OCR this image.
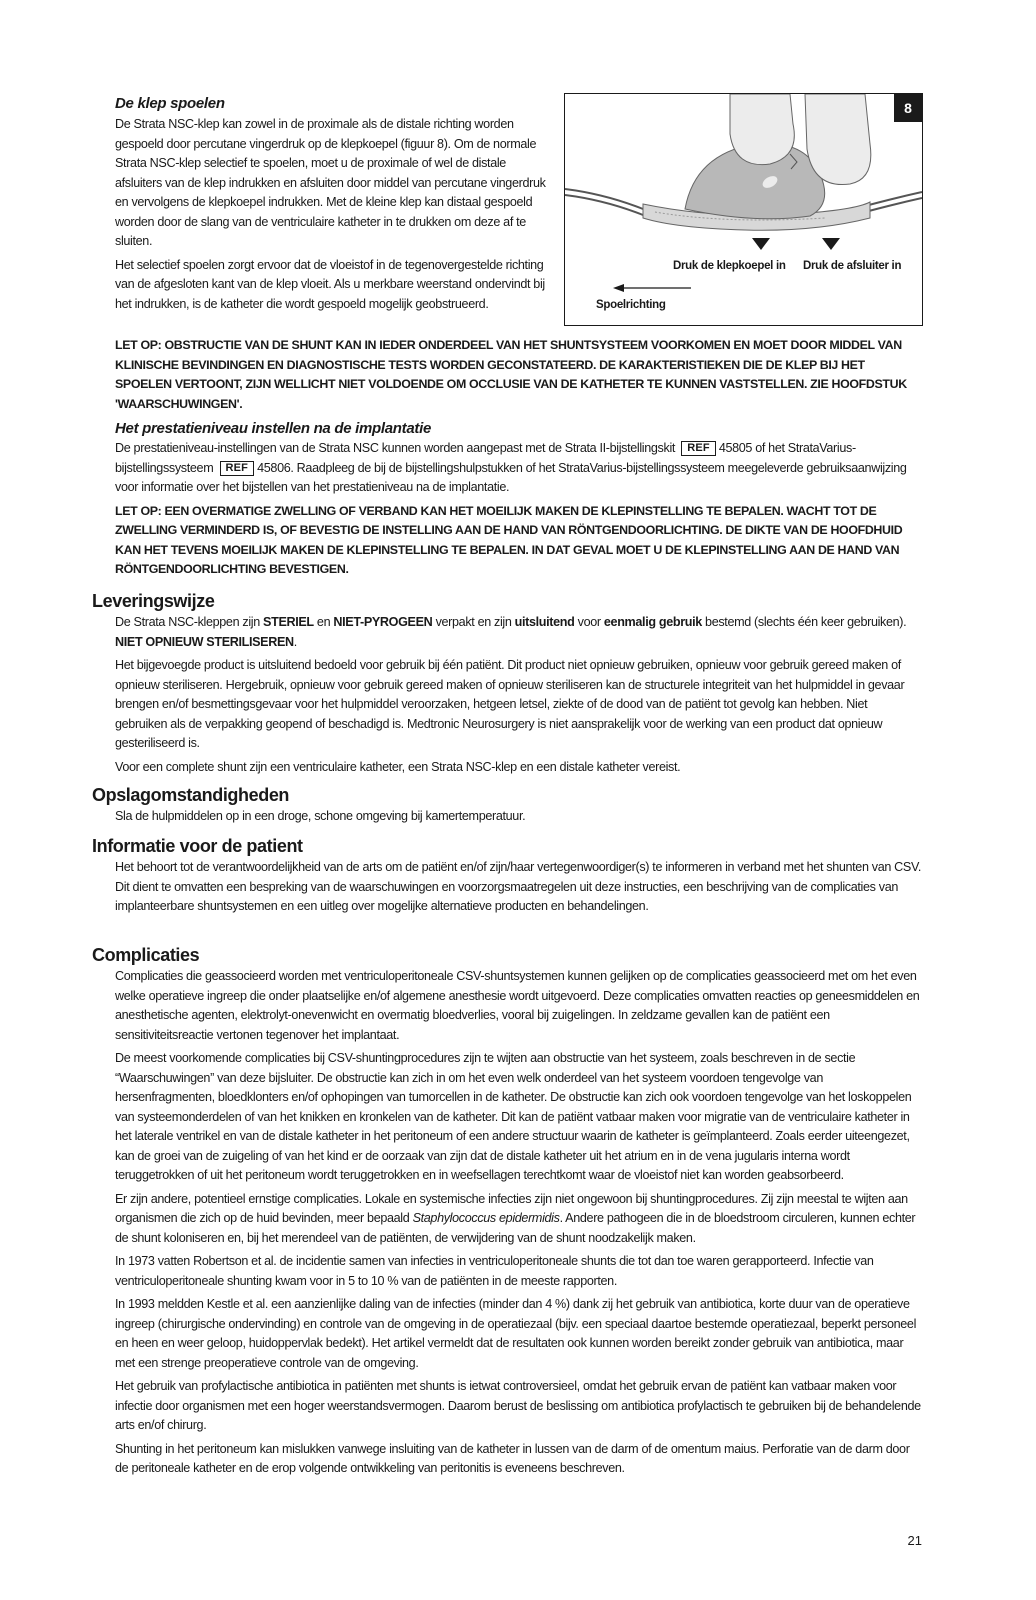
De klep spoelen

De Strata NSC-klep kan zowel in de proximale als de distale richting worden gespoeld door percutane vingerdruk op de klepkoepel (figuur 8). Om de normale Strata NSC-klep selectief te spoelen, moet u de proximale of wel de distale afsluiters van de klep indrukken en afsluiten door middel van percutane vingerdruk en vervolgens de klepkoepel indrukken. Met de kleine klep kan distaal gespoeld worden door de slang van de ventriculaire katheter in te drukken om deze af te sluiten.

Het selectief spoelen zorgt ervoor dat de vloeistof in de tegenovergestelde richting van de afgesloten kant van de klep vloeit. Als u merkbare weerstand ondervindt bij het indrukken, is de katheter die wordt gespoeld mogelijk geobstrueerd.

8
Druk de klepkoepel in Druk de afsluiter in
Spoelrichting

LET OP: OBSTRUCTIE VAN DE SHUNT KAN IN IEDER ONDERDEEL VAN HET SHUNTSYSTEEM VOORKOMEN EN MOET DOOR MIDDEL VAN KLINISCHE BEVINDINGEN EN DIAGNOSTISCHE TESTS WORDEN GECONSTATEERD. DE KARAKTERISTIEKEN DIE DE KLEP BIJ HET SPOELEN VERTOONT, ZIJN WELLICHT NIET VOLDOENDE OM OCCLUSIE VAN DE KATHETER TE KUNNEN VASTSTELLEN. ZIE HOOFDSTUK 'WAARSCHUWINGEN'.

Het prestatieniveau instellen na de implantatie

De prestatieniveau-instellingen van de Strata NSC kunnen worden aangepast met de Strata II-bijstellingskit REF 45805 of het StrataVarius-bijstellingssysteem REF 45806. Raadpleeg de bij de bijstellingshulpstukken of het StrataVarius-bijstellingssysteem meegeleverde gebruiksaanwijzing voor informatie over het bijstellen van het prestatieniveau na de implantatie.

LET OP: EEN OVERMATIGE ZWELLING OF VERBAND KAN HET MOEILIJK MAKEN DE KLEPINSTELLING TE BEPALEN. WACHT TOT DE ZWELLING VERMINDERD IS, OF BEVESTIG DE INSTELLING AAN DE HAND VAN RÖNTGENDOORLICHTING. DE DIKTE VAN DE HOOFDHUID KAN HET TEVENS MOEILIJK MAKEN DE KLEPINSTELLING TE BEPALEN. IN DAT GEVAL MOET U DE KLEPINSTELLING AAN DE HAND VAN RÖNTGENDOORLICHTING BEVESTIGEN.

Leveringswijze

De Strata NSC-kleppen zijn STERIEL en NIET-PYROGEEN verpakt en zijn uitsluitend voor eenmalig gebruik bestemd (slechts één keer gebruiken). NIET OPNIEUW STERILISEREN.

Het bijgevoegde product is uitsluitend bedoeld voor gebruik bij één patiënt. Dit product niet opnieuw gebruiken, opnieuw voor gebruik gereed maken of opnieuw steriliseren. Hergebruik, opnieuw voor gebruik gereed maken of opnieuw steriliseren kan de structurele integriteit van het hulpmiddel in gevaar brengen en/of besmettingsgevaar voor het hulpmiddel veroorzaken, hetgeen letsel, ziekte of de dood van de patiënt tot gevolg kan hebben. Niet gebruiken als de verpakking geopend of beschadigd is. Medtronic Neurosurgery is niet aansprakelijk voor de werking van een product dat opnieuw gesteriliseerd is.

Voor een complete shunt zijn een ventriculaire katheter, een Strata NSC-klep en een distale katheter vereist.

Opslagomstandigheden

Sla de hulpmiddelen op in een droge, schone omgeving bij kamertemperatuur.

Informatie voor de patient

Het behoort tot de verantwoordelijkheid van de arts om de patiënt en/of zijn/haar vertegenwoordiger(s) te informeren in verband met het shunten van CSV. Dit dient te omvatten een bespreking van de waarschuwingen en voorzorgsmaatregelen uit deze instructies, een beschrijving van de complicaties van implanteerbare shuntsystemen en een uitleg over mogelijke alternatieve producten en behandelingen.

Complicaties

Complicaties die geassocieerd worden met ventriculoperitoneale CSV-shuntsystemen kunnen gelijken op de complicaties geassocieerd met om het even welke operatieve ingreep die onder plaatselijke en/of algemene anesthesie wordt uitgevoerd. Deze complicaties omvatten reacties op geneesmiddelen en anesthetische agenten, elektrolyt-onevenwicht en overmatig bloedverlies, vooral bij zuigelingen. In zeldzame gevallen kan de patiënt een sensitiviteitsreactie vertonen tegenover het implantaat.

De meest voorkomende complicaties bij CSV-shuntingprocedures zijn te wijten aan obstructie van het systeem, zoals beschreven in de sectie “Waarschuwingen” van deze bijsluiter. De obstructie kan zich in om het even welk onderdeel van het systeem voordoen tengevolge van hersenfragmenten, bloedklonters en/of ophopingen van tumorcellen in de katheter. De obstructie kan zich ook voordoen tengevolge van het loskoppelen van systeemonderdelen of van het knikken en kronkelen van de katheter. Dit kan de patiënt vatbaar maken voor migratie van de ventriculaire katheter in het laterale ventrikel en van de distale katheter in het peritoneum of een andere structuur waarin de katheter is geïmplanteerd. Zoals eerder uiteengezet, kan de groei van de zuigeling of van het kind er de oorzaak van zijn dat de distale katheter uit het atrium en in de vena jugularis interna wordt teruggetrokken of uit het peritoneum wordt teruggetrokken en in weefsellagen terechtkomt waar de vloeistof niet kan worden geabsorbeerd.

Er zijn andere, potentieel ernstige complicaties. Lokale en systemische infecties zijn niet ongewoon bij shuntingprocedures. Zij zijn meestal te wijten aan organismen die zich op de huid bevinden, meer bepaald Staphylococcus epidermidis. Andere pathogeen die in de bloedstroom circuleren, kunnen echter de shunt koloniseren en, bij het merendeel van de patiënten, de verwijdering van de shunt noodzakelijk maken.

In 1973 vatten Robertson et al. de incidentie samen van infecties in ventriculoperitoneale shunts die tot dan toe waren gerapporteerd. Infectie van ventriculoperitoneale shunting kwam voor in 5 to 10 % van de patiënten in de meeste rapporten.

In 1993 meldden Kestle et al. een aanzienlijke daling van de infecties (minder dan 4 %) dank zij het gebruik van antibiotica, korte duur van de operatieve ingreep (chirurgische ondervinding) en controle van de omgeving in de operatiezaal (bijv. een speciaal daartoe bestemde operatiezaal, beperkt personeel en heen en weer geloop, huidoppervlak bedekt). Het artikel vermeldt dat de resultaten ook kunnen worden bereikt zonder gebruik van antibiotica, maar met een strenge preoperatieve controle van de omgeving.

Het gebruik van profylactische antibiotica in patiënten met shunts is ietwat controversieel, omdat het gebruik ervan de patiënt kan vatbaar maken voor infectie door organismen met een hoger weerstandsvermogen. Daarom berust de beslissing om antibiotica profylactisch te gebruiken bij de behandelende arts en/of chirurg.

Shunting in het peritoneum kan mislukken vanwege insluiting van de katheter in lussen van de darm of de omentum maius. Perforatie van de darm door de peritoneale katheter en de erop volgende ontwikkeling van peritonitis is eveneens beschreven.

21
